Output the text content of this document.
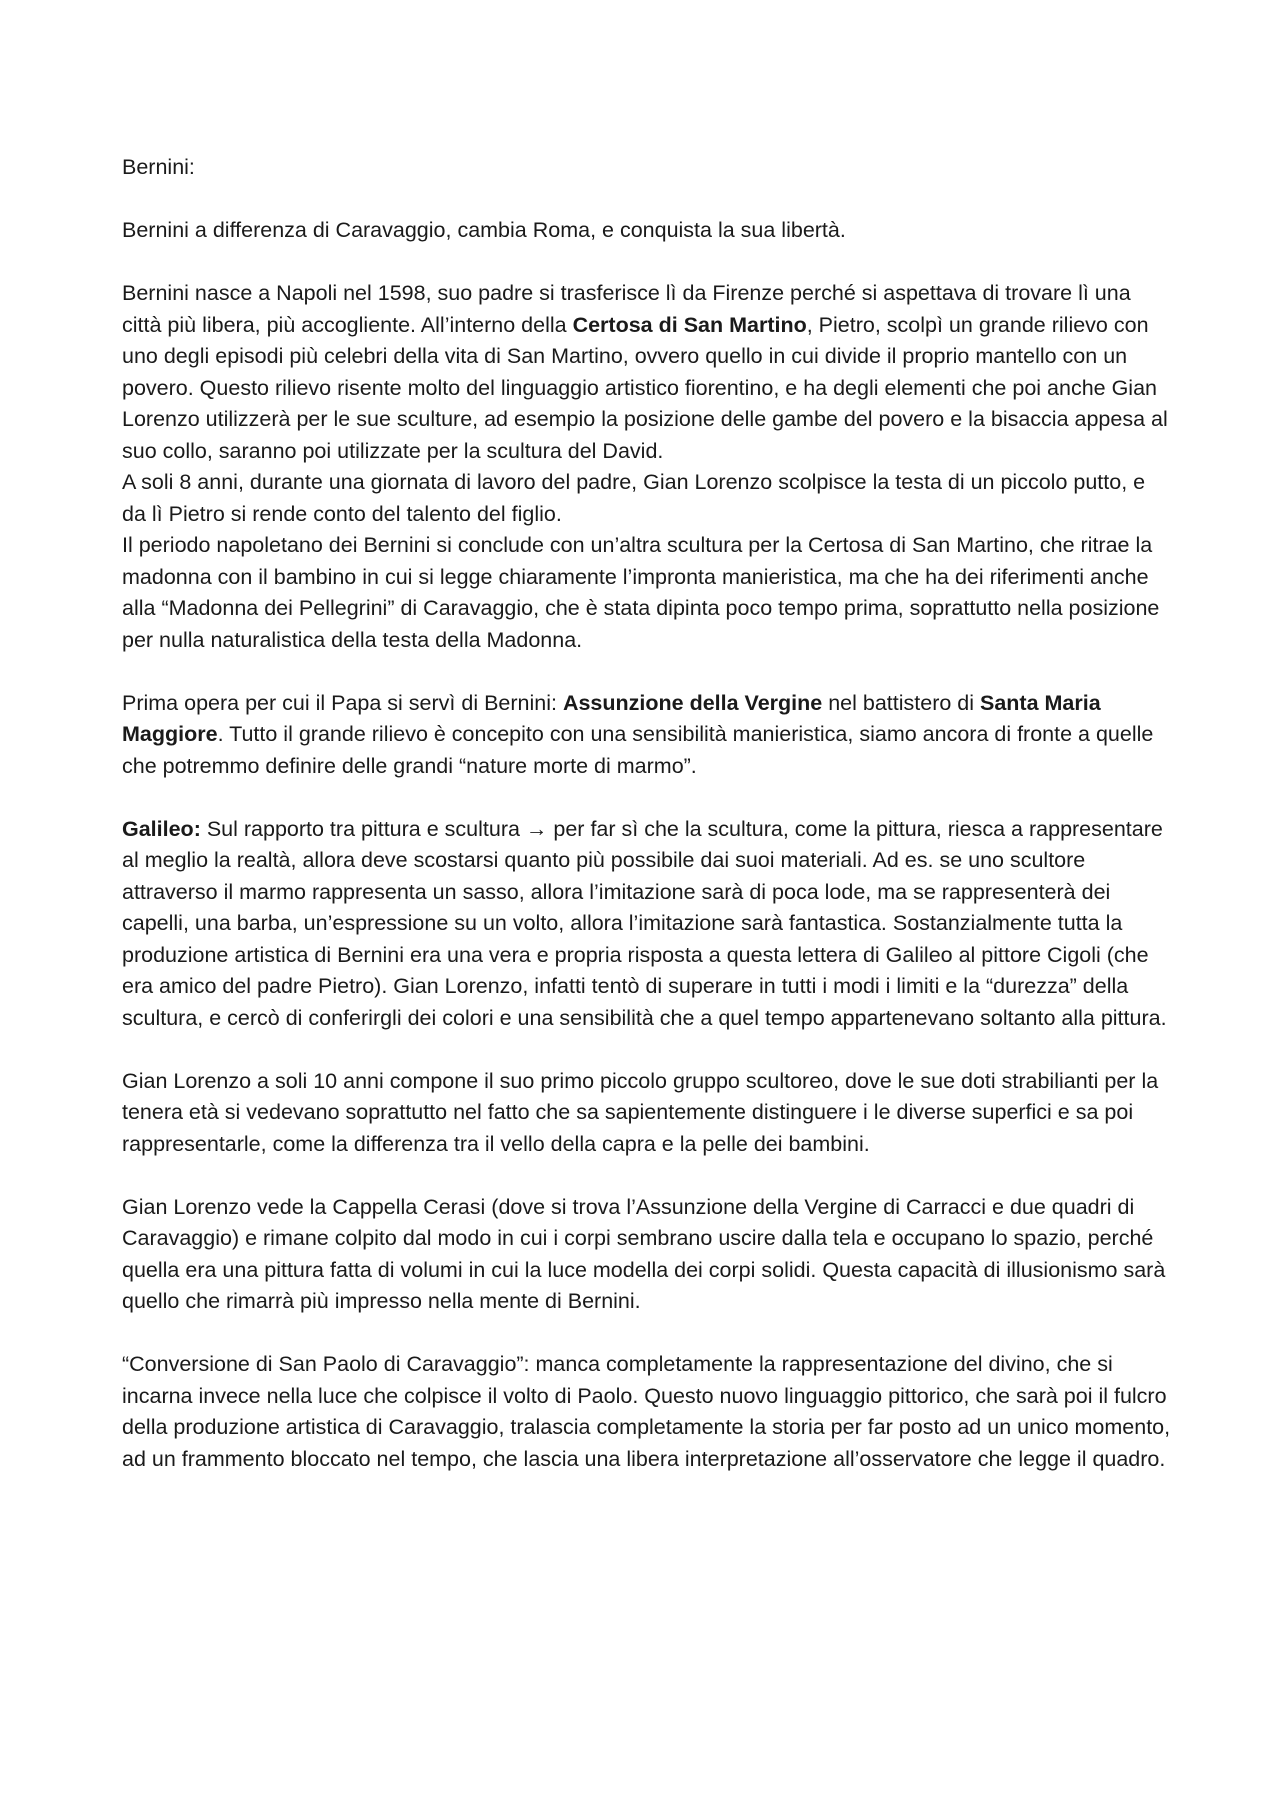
Bernini:

Bernini a differenza di Caravaggio, cambia Roma, e conquista la sua libertà.

Bernini nasce a Napoli nel 1598, suo padre si trasferisce lì da Firenze perché si aspettava di trovare lì una città più libera, più accogliente. All’interno della Certosa di San Martino, Pietro, scolpì un grande rilievo con uno degli episodi più celebri della vita di San Martino, ovvero quello in cui divide il proprio mantello con un povero. Questo rilievo risente molto del linguaggio artistico fiorentino, e ha degli elementi che poi anche Gian Lorenzo utilizzerà per le sue sculture, ad esempio la posizione delle gambe del povero e la bisaccia appesa al suo collo, saranno poi utilizzate per la scultura del David.

A soli 8 anni, durante una giornata di lavoro del padre, Gian Lorenzo scolpisce la testa di un piccolo putto, e da lì Pietro si rende conto del talento del figlio.

Il periodo napoletano dei Bernini si conclude con un’altra scultura per la Certosa di San Martino, che ritrae la madonna con il bambino in cui si legge chiaramente l’impronta manieristica, ma che ha dei riferimenti anche alla “Madonna dei Pellegrini” di Caravaggio, che è stata dipinta poco tempo prima, soprattutto nella posizione per nulla naturalistica della testa della Madonna.

Prima opera per cui il Papa si servì di Bernini: Assunzione della Vergine nel battistero di Santa Maria Maggiore. Tutto il grande rilievo è concepito con una sensibilità manieristica, siamo ancora di fronte a quelle che potremmo definire delle grandi “nature morte di marmo”.

Galileo: Sul rapporto tra pittura e scultura → per far sì che la scultura, come la pittura, riesca a rappresentare al meglio la realtà, allora deve scostarsi quanto più possibile dai suoi materiali. Ad es. se uno scultore attraverso il marmo rappresenta un sasso, allora l’imitazione sarà di poca lode, ma se rappresenterà dei capelli, una barba, un’espressione su un volto, allora l’imitazione sarà fantastica. Sostanzialmente tutta la produzione artistica di Bernini era una vera e propria risposta a questa lettera di Galileo al pittore Cigoli (che era amico del padre Pietro). Gian Lorenzo, infatti tentò di superare in tutti i modi i limiti e la “durezza” della scultura, e cercò di conferirgli dei colori e una sensibilità che a quel tempo appartenevano soltanto alla pittura.

Gian Lorenzo a soli 10 anni compone il suo primo piccolo gruppo scultoreo, dove le sue doti strabilianti per la tenera età si vedevano soprattutto nel fatto che sa sapientemente distinguere i le diverse superfici e sa poi rappresentarle, come la differenza tra il vello della capra e la pelle dei bambini.

Gian Lorenzo vede la Cappella Cerasi (dove si trova l’Assunzione della Vergine di Carracci e due quadri di Caravaggio) e rimane colpito dal modo in cui i corpi sembrano uscire dalla tela e occupano lo spazio, perché quella era una pittura fatta di volumi in cui la luce modella dei corpi solidi. Questa capacità di illusionismo sarà quello che rimarrà più impresso nella mente di Bernini.

“Conversione di San Paolo di Caravaggio”: manca completamente la rappresentazione del divino, che si incarna invece nella luce che colpisce il volto di Paolo. Questo nuovo linguaggio pittorico, che sarà poi il fulcro della produzione artistica di Caravaggio, tralascia completamente la storia per far posto ad un unico momento, ad un frammento bloccato nel tempo, che lascia una libera interpretazione all’osservatore che legge il quadro.
